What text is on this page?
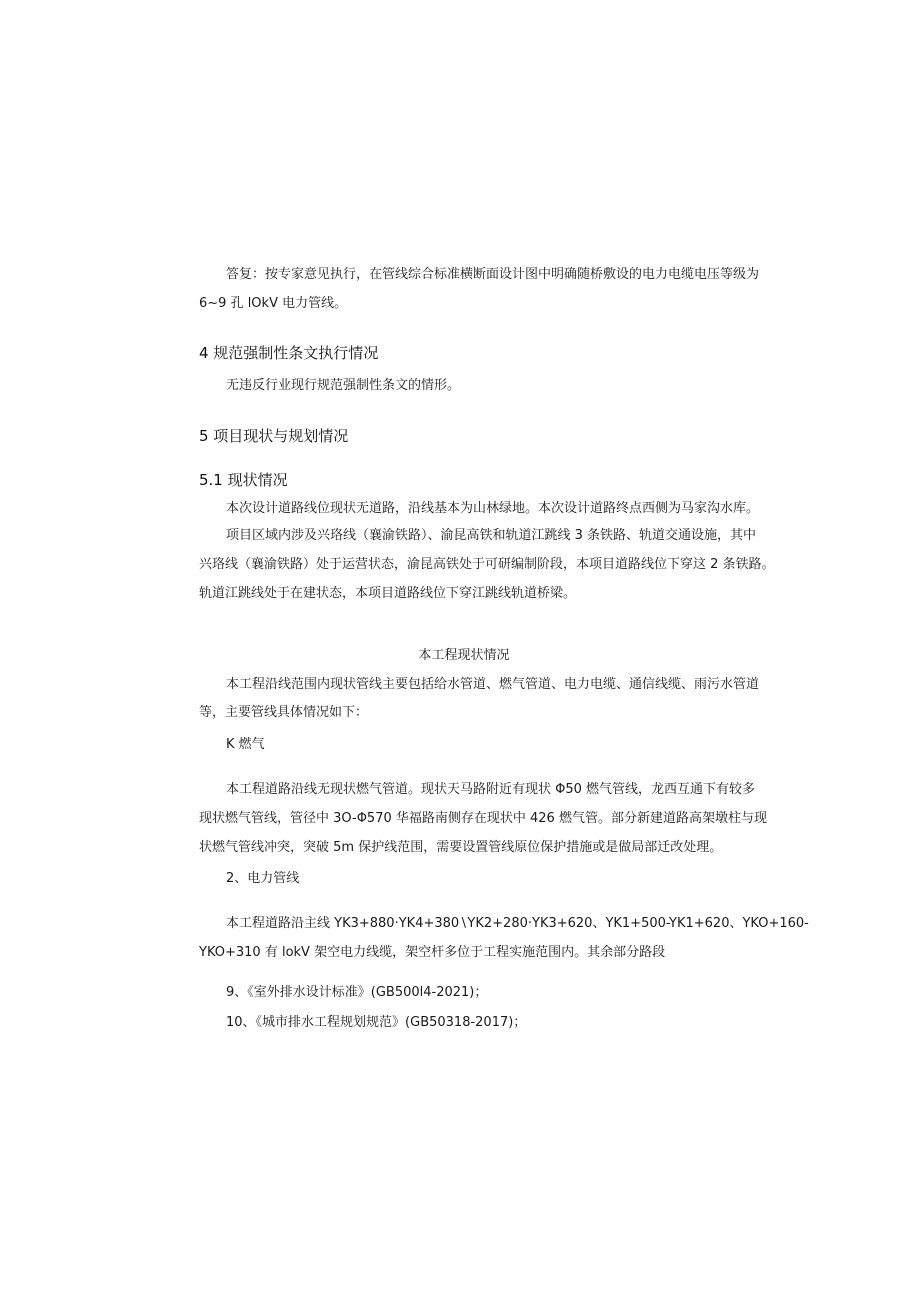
答复：按专家意见执行，在管线综合标准横断面设计图中明确随桥敷设的电力电缆电压等级为
6~9 孔 lOkV 电力管线。
4 规范强制性条文执行情况
无违反行业现行规范强制性条文的情形。
5 项目现状与规划情况
5.1 现状情况
本次设计道路线位现状无道路，沿线基本为山林绿地。本次设计道路终点西侧为马家沟水库。
项目区域内涉及兴珞线（襄渝铁路）、渝昆高铁和轨道江跳线 3 条铁路、轨道交通设施，其中
兴珞线（襄渝铁路）处于运营状态，渝昆高铁处于可研编制阶段，本项目道路线位下穿这 2 条铁路。
轨道江跳线处于在建状态，本项目道路线位下穿江跳线轨道桥梁。
本工程现状情况
本工程沿线范围内现状管线主要包括给水管道、燃气管道、电力电缆、通信线缆、雨污水管道
等，主要管线具体情况如下：
K 燃气
本工程道路沿线无现状燃气管道。现状天马路附近有现状 Φ50 燃气管线，龙西互通下有较多
现状燃气管线，管径中 3O-Φ570 华福路南侧存在现状中 426 燃气管。部分新建道路高架墩柱与现
状燃气管线冲突，突破 5m 保护线范围，需要设置管线原位保护措施或是做局部迁改处理。
2、电力管线
本工程道路沿主线 YK3+880·YK4+380∖YK2+280·YK3+620、YK1+500-YK1+620、YKO+160-
YKO+310 有 lokV 架空电力线缆，架空杆多位于工程实施范围内。其余部分路段
9、《室外排水设计标准》(GB500l4-2021)；
10、《城市排水工程规划规范》(GB50318-2017)；
